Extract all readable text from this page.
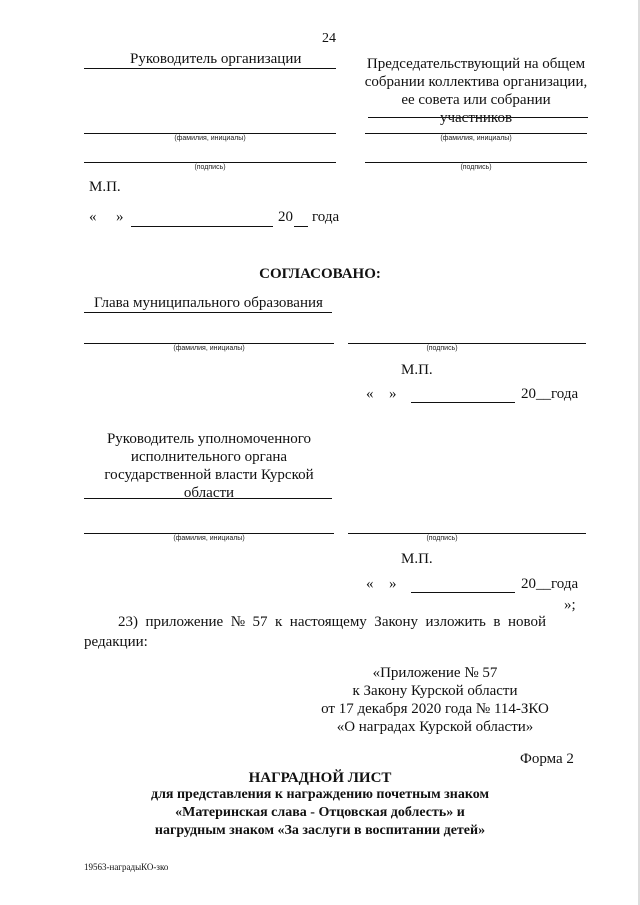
24
Руководитель организации	Председательствующий на общем
собрании коллектива организации,
ее совета или собрании
участников
(фамилия, инициалы)	(фамилия, инициалы)
(подпись)	(подпись)
М.П.
« »	20 года
СОГЛАСОВАНО:
Глава муниципального образования
(фамилия, инициалы)	(подпись)
М.П.
« »	20__года
Руководитель уполномоченного
исполнительного органа
государственной власти Курской
области
(фамилия, инициалы)	(подпись)
М.П.
« »	20__года
»;
23)  приложение  №  57  к  настоящему  Закону  изложить  в  новой
редакции:
«Приложение № 57
к Закону Курской области
от 17 декабря 2020 года № 114-ЗКО
«О наградах Курской области»
Форма 2
НАГРАДНОЙ ЛИСТ
для представления к награждению почетным знаком
«Материнская слава - Отцовская доблесть» и
нагрудным знаком «За заслуги в воспитании детей»
19563-наградыКО-зко
